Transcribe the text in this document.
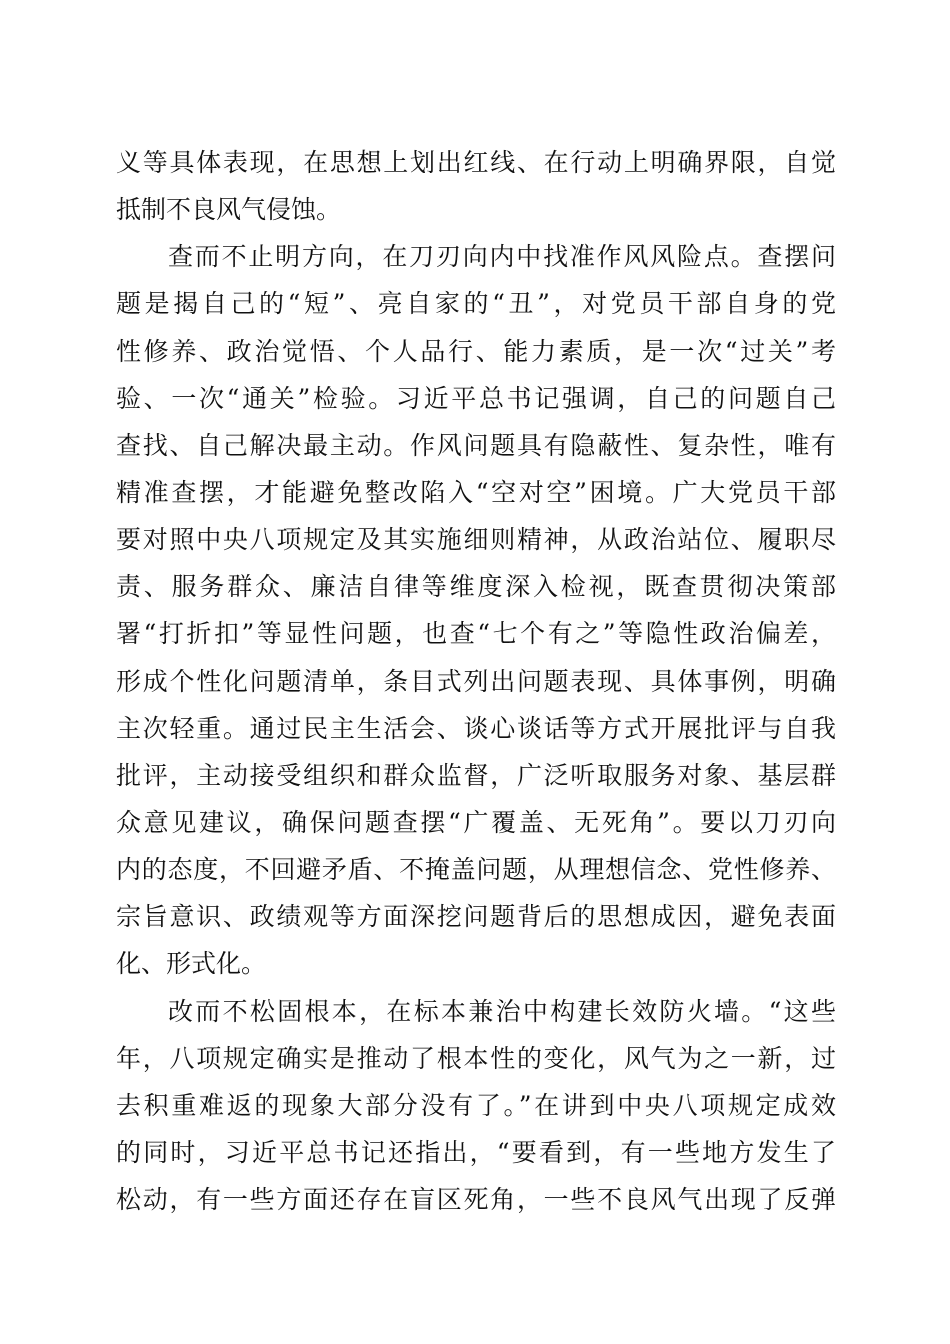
义等具体表现，在思想上划出红线、在行动上明确界限，自觉
抵制不良风气侵蚀。
查而不止明方向，在刀刃向内中找准作风风险点。查摆问
题是揭自己的“短”、亮自家的“丑”，对党员干部自身的党
性修养、政治觉悟、个人品行、能力素质，是一次“过关”考
验、一次“通关”检验。习近平总书记强调，自己的问题自己
查找、自己解决最主动。作风问题具有隐蔽性、复杂性，唯有
精准查摆，才能避免整改陷入“空对空”困境。广大党员干部
要对照中央八项规定及其实施细则精神，从政治站位、履职尽
责、服务群众、廉洁自律等维度深入检视，既查贯彻决策部
署“打折扣”等显性问题，也查“七个有之”等隐性政治偏差，
形成个性化问题清单，条目式列出问题表现、具体事例，明确
主次轻重。通过民主生活会、谈心谈话等方式开展批评与自我
批评，主动接受组织和群众监督，广泛听取服务对象、基层群
众意见建议，确保问题查摆“广覆盖、无死角”。要以刀刃向
内的态度，不回避矛盾、不掩盖问题，从理想信念、党性修养、
宗旨意识、政绩观等方面深挖问题背后的思想成因，避免表面
化、形式化。
改而不松固根本，在标本兼治中构建长效防火墙。“这些
年，八项规定确实是推动了根本性的变化，风气为之一新，过
去积重难返的现象大部分没有了。”在讲到中央八项规定成效
的同时，习近平总书记还指出，“要看到，有一些地方发生了
松动，有一些方面还存在盲区死角，一些不良风气出现了反弹
